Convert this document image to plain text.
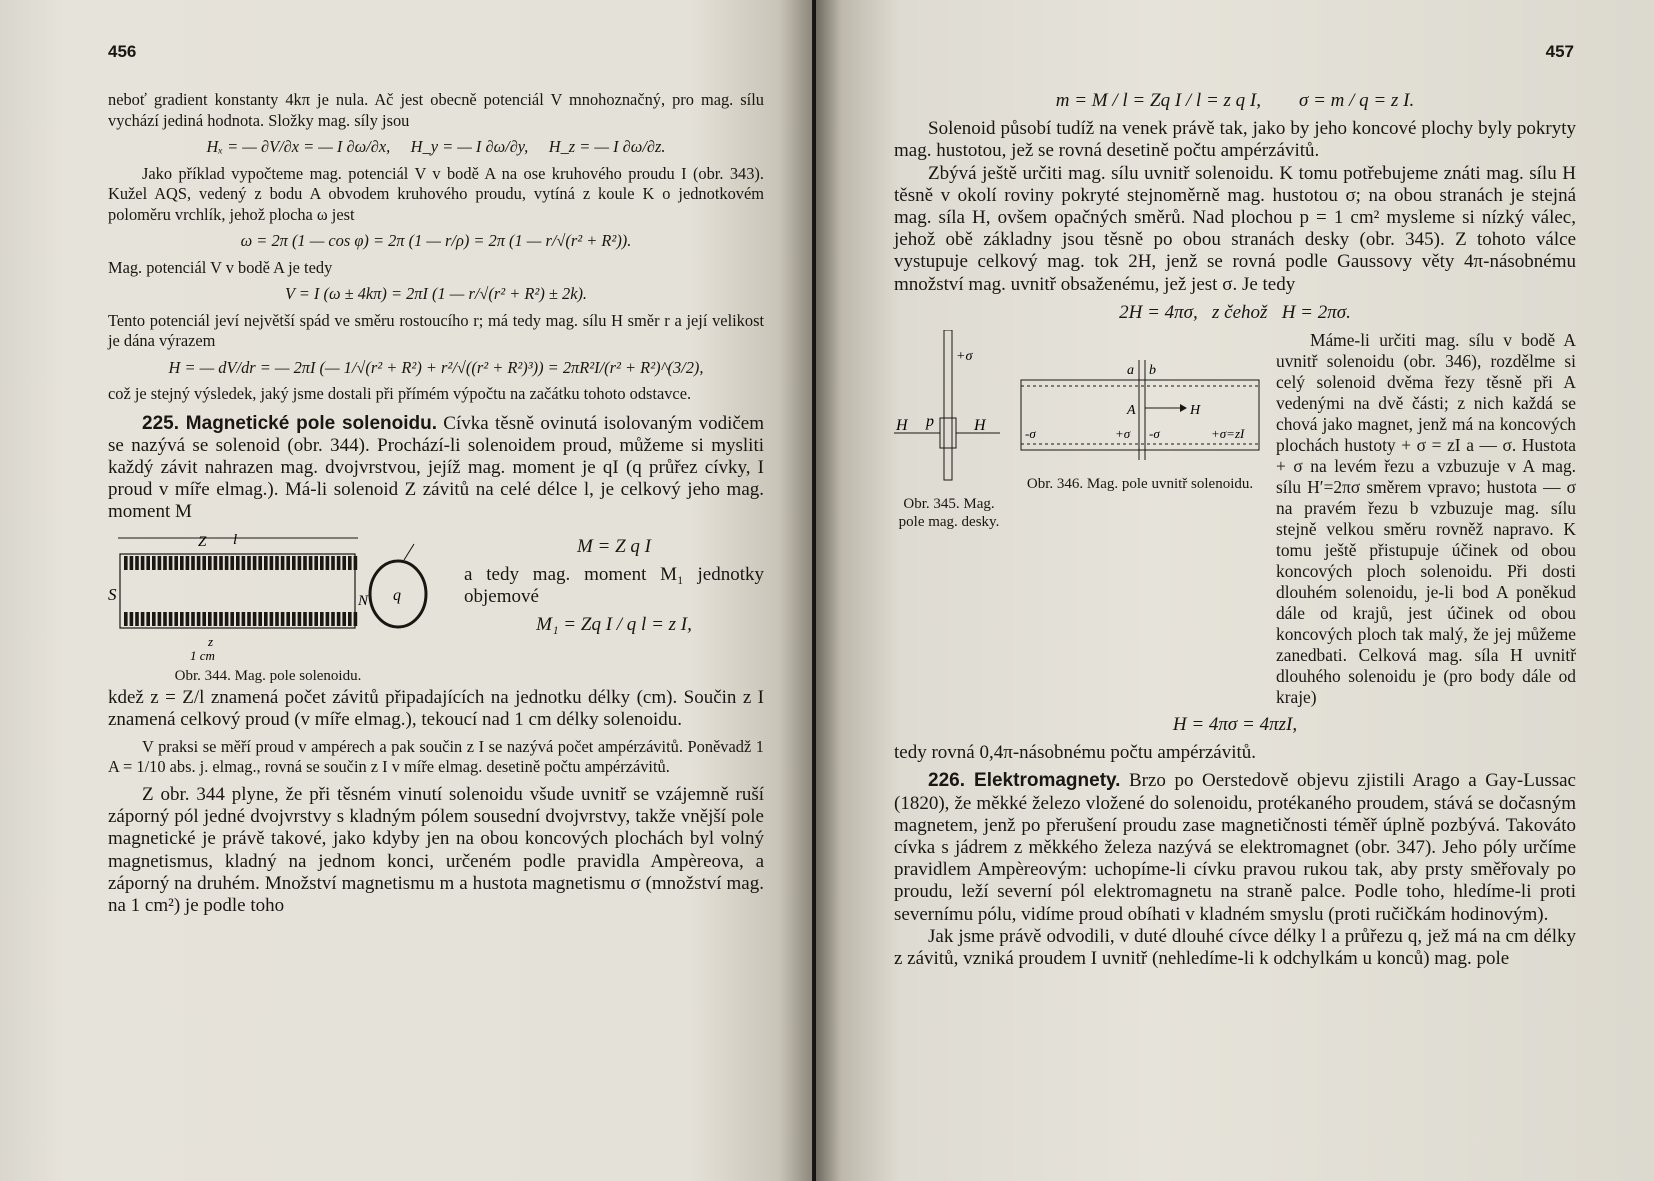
456

neboť gradient konstanty 4kπ je nula. Ač jest obecně potenciál V mnohoznačný, pro mag. sílu vychází jediná hodnota. Složky mag. síly jsou

Hₓ = — ∂V/∂x = — I ∂ω/∂x,     H_y = — I ∂ω/∂y,     H_z = — I ∂ω/∂z.

Jako příklad vypočteme mag. potenciál V v bodě A na ose kruhového proudu I (obr. 343). Kužel AQS, vedený z bodu A obvodem kruhového proudu, vytíná z koule K o jednotkovém poloměru vrchlík, jehož plocha ω jest

ω = 2π (1 — cos φ) = 2π (1 — r/ρ) = 2π (1 — r/√(r² + R²)).

Mag. potenciál V v bodě A je tedy

V = I (ω ± 4kπ) = 2πI (1 — r/√(r² + R²) ± 2k).

Tento potenciál jeví největší spád ve směru rostoucího r; má tedy mag. sílu H směr r a její velikost je dána výrazem

H = — dV/dr = — 2πI (— 1/√(r² + R²) + r²/√((r² + R²)³)) = 2πR²I/(r² + R²)^(3/2),

což je stejný výsledek, jaký jsme dostali při přímém výpočtu na začátku tohoto odstavce.

225. Magnetické pole solenoidu. Cívka těsně ovinutá isolovaným vodičem se nazývá se solenoid (obr. 344). Prochází-li solenoidem proud, můžeme si mysliti každý závit nahrazen mag. dvojvrstvou, jejíž mag. moment je qI (q průřez cívky, I proud v míře elmag.). Má-li solenoid Z závitů na celé délce l, je celkový jeho mag. moment M

Z l
S	N q
z
1 cm
Obr. 344. Mag. pole solenoidu.
M = Z q I

a tedy mag. moment M₁ jednotky objemové

M₁ = Zq I / q l = z I,

kdež z = Z/l znamená počet závitů připadajících na jednotku délky (cm). Součin z I znamená celkový proud (v míře elmag.), tekoucí nad 1 cm délky solenoidu.

V praksi se měří proud v ampérech a pak součin z I se nazývá počet ampérzávitů. Poněvadž 1 A = 1/10 abs. j. elmag., rovná se součin z I v míře elmag. desetině počtu ampérzávitů.

Z obr. 344 plyne, že při těsném vinutí solenoidu všude uvnitř se vzájemně ruší záporný pól jedné dvojvrstvy s kladným pólem sousední dvojvrstvy, takže vnější pole magnetické je právě takové, jako kdyby jen na obou koncových plochách byl volný magnetismus, kladný na jednom konci, určeném podle pravidla Ampèreova, a záporný na druhém. Množství magnetismu m a hustota magnetismu σ (množství mag. na 1 cm²) je podle toho

457
m = M / l = Zq I / l = z q I,        σ = m / q = z I.

Solenoid působí tudíž na venek právě tak, jako by jeho koncové plochy byly pokryty mag. hustotou, jež se rovná desetině počtu ampérzávitů.

Zbývá ještě určiti mag. sílu uvnitř solenoidu. K tomu potřebujeme znáti mag. sílu H těsně v okolí roviny pokryté stejnoměrně mag. hustotou σ; na obou stranách je stejná mag. síla H, ovšem opačných směrů. Nad plochou p = 1 cm² mysleme si nízký válec, jehož obě základny jsou těsně po obou stranách desky (obr. 345). Z tohoto válce vystupuje celkový mag. tok 2H, jenž se rovná podle Gaussovy věty 4π-násobnému množství mag. uvnitř obsaženému, jež jest σ. Je tedy

2H = 4πσ,   z čehož   H = 2πσ.
+σ
H p	H
Obr. 345. Mag. pole mag. desky.
a b
A	H
-σ	+σ -σ	+σ=zI
Obr. 346. Mag. pole uvnitř solenoidu.

Máme-li určiti mag. sílu v bodě A uvnitř solenoidu (obr. 346), rozdělme si celý solenoid dvěma řezy těsně při A vedenými na dvě části; z nich každá se chová jako magnet, jenž má na koncových plochách hustoty + σ = zI a — σ. Hustota + σ na levém řezu a vzbuzuje v A mag. sílu H′=2πσ směrem vpravo; hustota — σ na pravém řezu b vzbuzuje mag. sílu stejně velkou směru rovněž napravo. K tomu ještě přistupuje účinek od obou koncových ploch solenoidu. Při dosti dlouhém solenoidu, je-li bod A poněkud dále od krajů, jest účinek od obou koncových ploch tak malý, že jej můžeme zanedbati. Celková mag. síla H uvnitř dlouhého solenoidu je (pro body dále od kraje)

H = 4πσ = 4πzI,

tedy rovná 0,4π-násobnému počtu ampérzávitů.

226. Elektromagnety. Brzo po Oerstedově objevu zjistili Arago a Gay-Lussac (1820), že měkké železo vložené do solenoidu, protékaného proudem, stává se dočasným magnetem, jenž po přerušení proudu zase magnetičnosti téměř úplně pozbývá. Takováto cívka s jádrem z měkkého železa nazývá se elektromagnet (obr. 347). Jeho póly určíme pravidlem Ampèreovým: uchopíme-li cívku pravou rukou tak, aby prsty směřovaly po proudu, leží severní pól elektromagnetu na straně palce. Podle toho, hledíme-li proti severnímu pólu, vidíme proud obíhati v kladném smyslu (proti ručičkám hodinovým).

Jak jsme právě odvodili, v duté dlouhé cívce délky l a průřezu q, jež má na cm délky z závitů, vzniká proudem I uvnitř (nehledíme-li k odchylkám u konců) mag. pole
